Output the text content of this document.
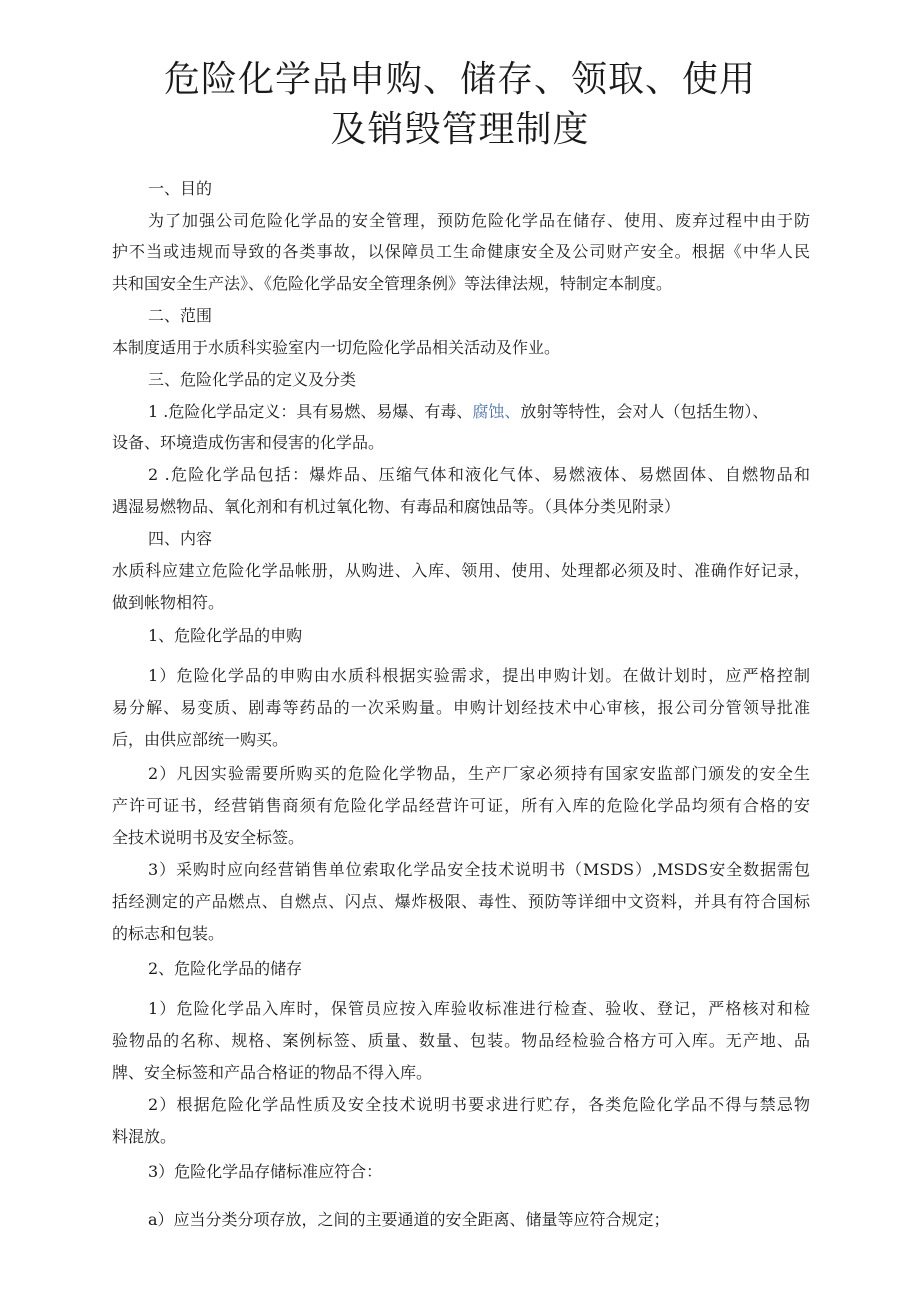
危险化学品申购、储存、领取、使用
及销毁管理制度

一、目的

为了加强公司危险化学品的安全管理，预防危险化学品在储存、使用、废弃过程中由于防

护不当或违规而导致的各类事故，以保障员工生命健康安全及公司财产安全。根据《中华人民

共和国安全生产法》、《危险化学品安全管理条例》等法律法规，特制定本制度。

二、范围

本制度适用于水质科实验室内一切危险化学品相关活动及作业。

三、危险化学品的定义及分类

1 .危险化学品定义：具有易燃、易爆、有毒、腐蚀、放射等特性，会对人（包括生物）、

设备、环境造成伤害和侵害的化学品。

2 .危险化学品包括：爆炸品、压缩气体和液化气体、易燃液体、易燃固体、自燃物品和

遇湿易燃物品、氧化剂和有机过氧化物、有毒品和腐蚀品等。（具体分类见附录）

四、内容

水质科应建立危险化学品帐册，从购进、入库、领用、使用、处理都必须及时、准确作好记录，

做到帐物相符。

1、危险化学品的申购

1）危险化学品的申购由水质科根据实验需求，提出申购计划。在做计划时，应严格控制

易分解、易变质、剧毒等药品的一次采购量。申购计划经技术中心审核，报公司分管领导批准

后，由供应部统一购买。

2）凡因实验需要所购买的危险化学物品，生产厂家必须持有国家安监部门颁发的安全生

产许可证书，经营销售商须有危险化学品经营许可证，所有入库的危险化学品均须有合格的安

全技术说明书及安全标签。

3）采购时应向经营销售单位索取化学品安全技术说明书（MSDS）,MSDS安全数据需包

括经测定的产品燃点、自燃点、闪点、爆炸极限、毒性、预防等详细中文资料，并具有符合国标

的标志和包装。

2、危险化学品的储存

1）危险化学品入库时，保管员应按入库验收标准进行检查、验收、登记，严格核对和检

验物品的名称、规格、案例标签、质量、数量、包装。物品经检验合格方可入库。无产地、品

牌、安全标签和产品合格证的物品不得入库。

2）根据危险化学品性质及安全技术说明书要求进行贮存，各类危险化学品不得与禁忌物

料混放。

3）危险化学品存储标准应符合：

a）应当分类分项存放，之间的主要通道的安全距离、储量等应符合规定；
